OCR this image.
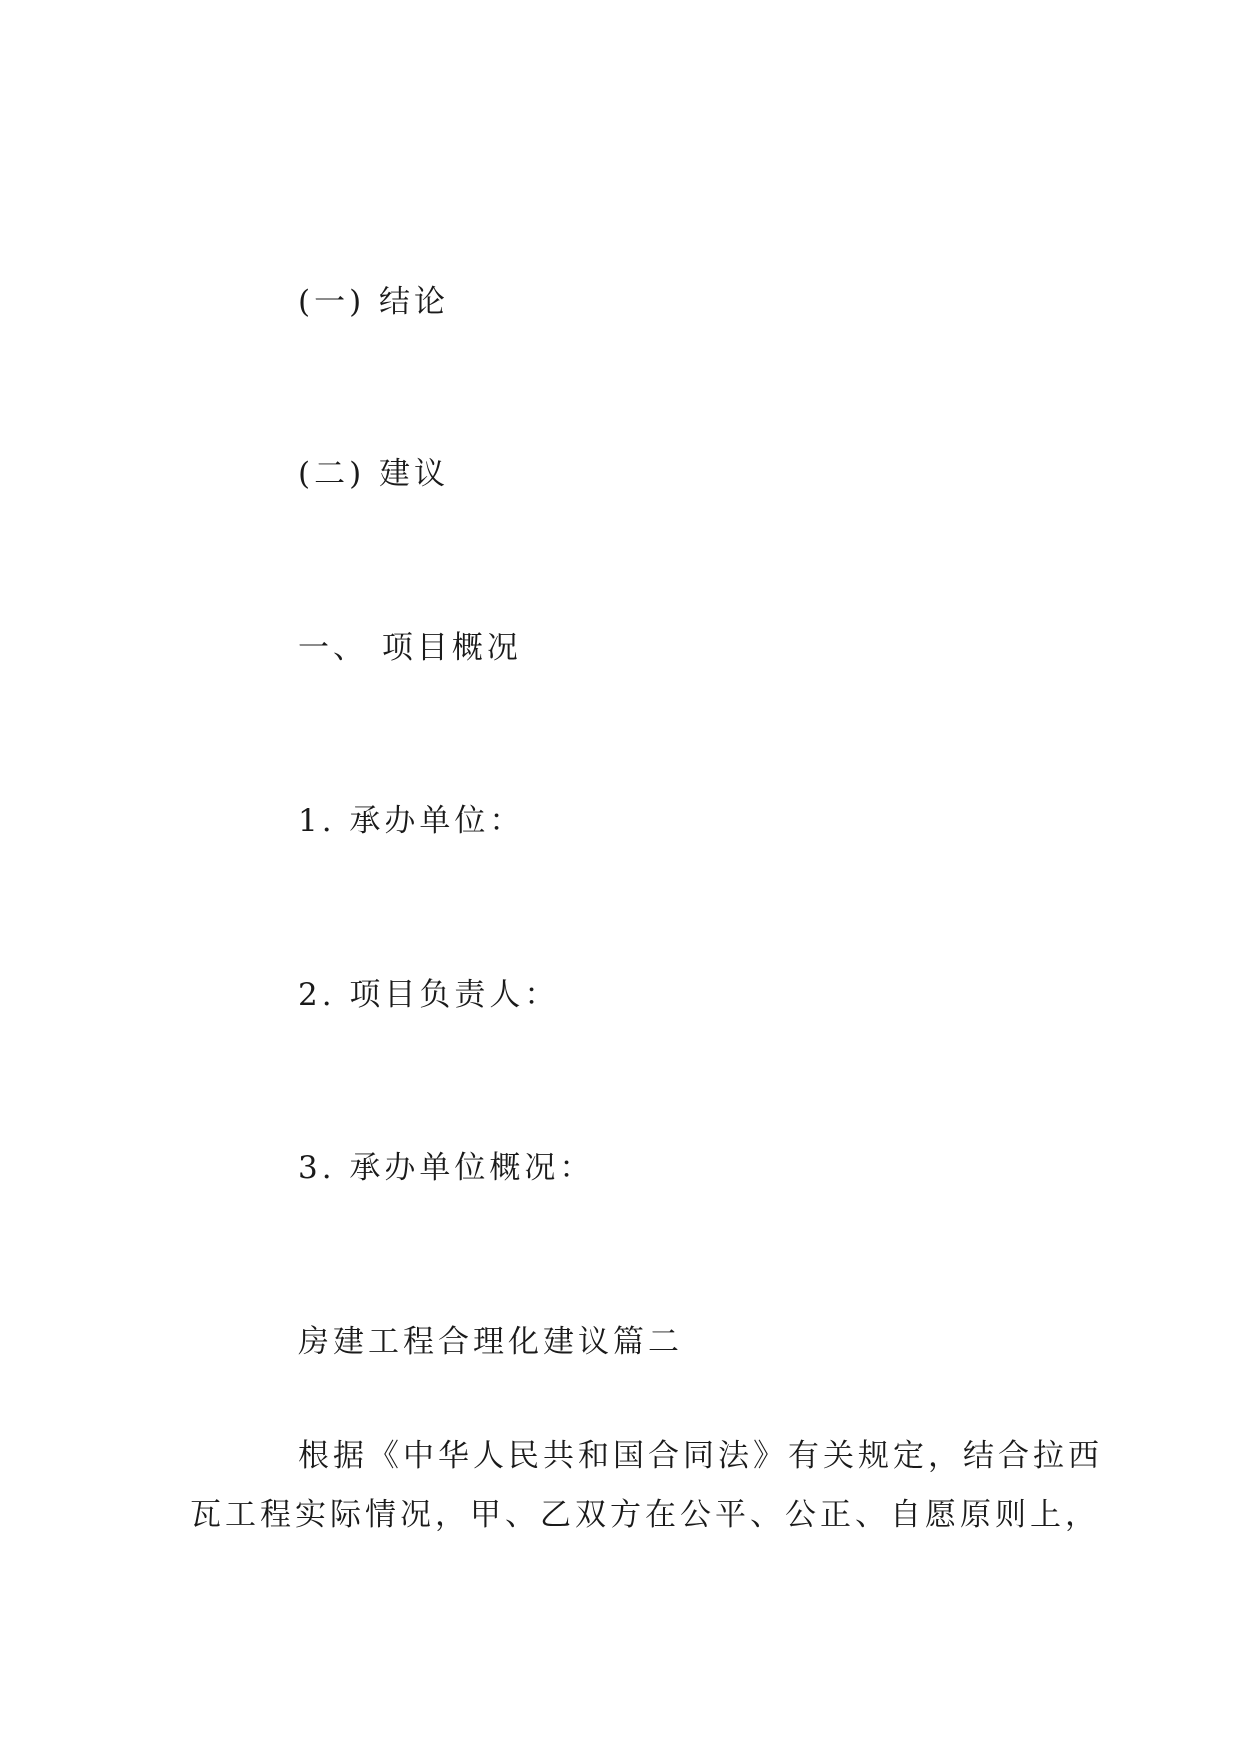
(一) 结论
(二) 建议
一、 项目概况
1. 承办单位：
2. 项目负责人：
3. 承办单位概况：
房建工程合理化建议篇二
根据《中华人民共和国合同法》有关规定，结合拉西
瓦工程实际情况，甲、乙双方在公平、公正、自愿原则上，
